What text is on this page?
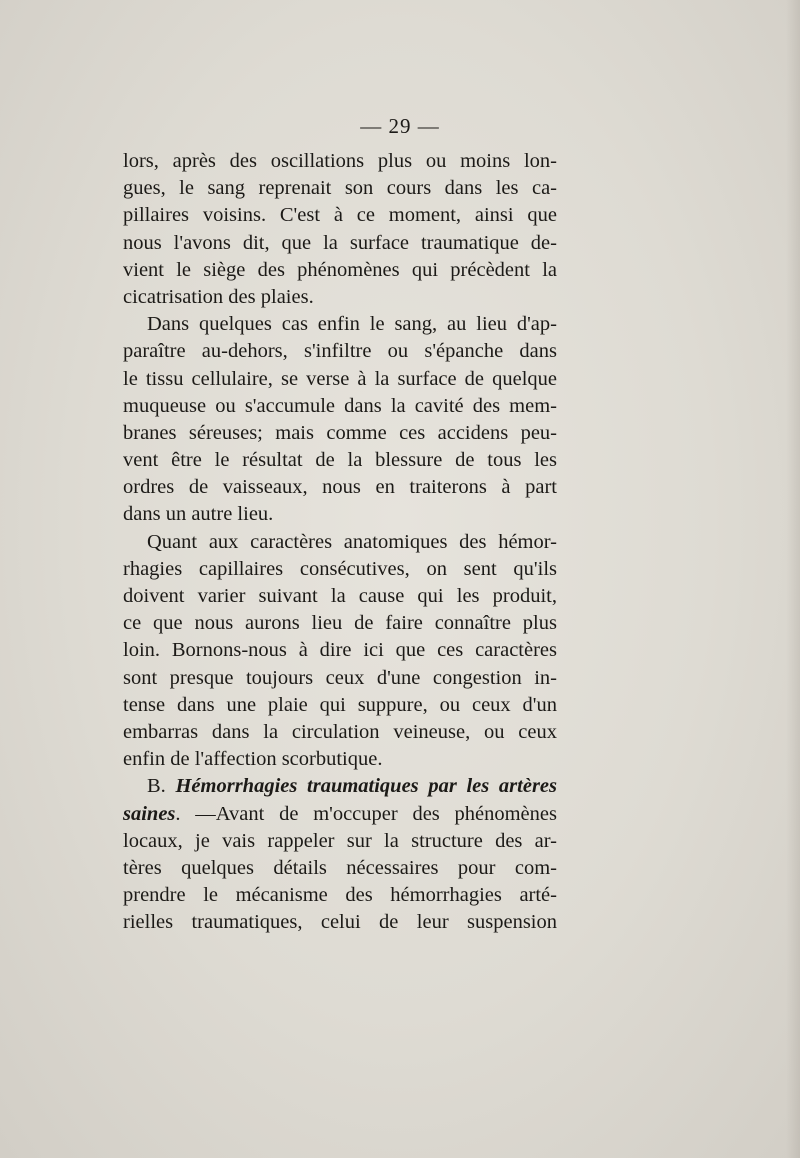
— 29 —
lors, après des oscillations plus ou moins lon-
gues, le sang reprenait son cours dans les ca-
pillaires voisins. C'est à ce moment, ainsi que
nous l'avons dit, que la surface traumatique de-
vient le siège des phénomènes qui précèdent la
cicatrisation des plaies.
Dans quelques cas enfin le sang, au lieu d'ap-
paraître au-dehors, s'infiltre ou s'épanche dans
le tissu cellulaire, se verse à la surface de quelque
muqueuse ou s'accumule dans la cavité des mem-
branes séreuses; mais comme ces accidens peu-
vent être le résultat de la blessure de tous les
ordres de vaisseaux, nous en traiterons à part
dans un autre lieu.
Quant aux caractères anatomiques des hémor-
rhagies capillaires consécutives, on sent qu'ils
doivent varier suivant la cause qui les produit,
ce que nous aurons lieu de faire connaître plus
loin. Bornons-nous à dire ici que ces caractères
sont presque toujours ceux d'une congestion in-
tense dans une plaie qui suppure, ou ceux d'un
embarras dans la circulation veineuse, ou ceux
enfin de l'affection scorbutique.
B. Hémorrhagies traumatiques par les artères
saines. —Avant de m'occuper des phénomènes
locaux, je vais rappeler sur la structure des ar-
tères quelques détails nécessaires pour com-
prendre le mécanisme des hémorrhagies arté-
rielles traumatiques, celui de leur suspension
